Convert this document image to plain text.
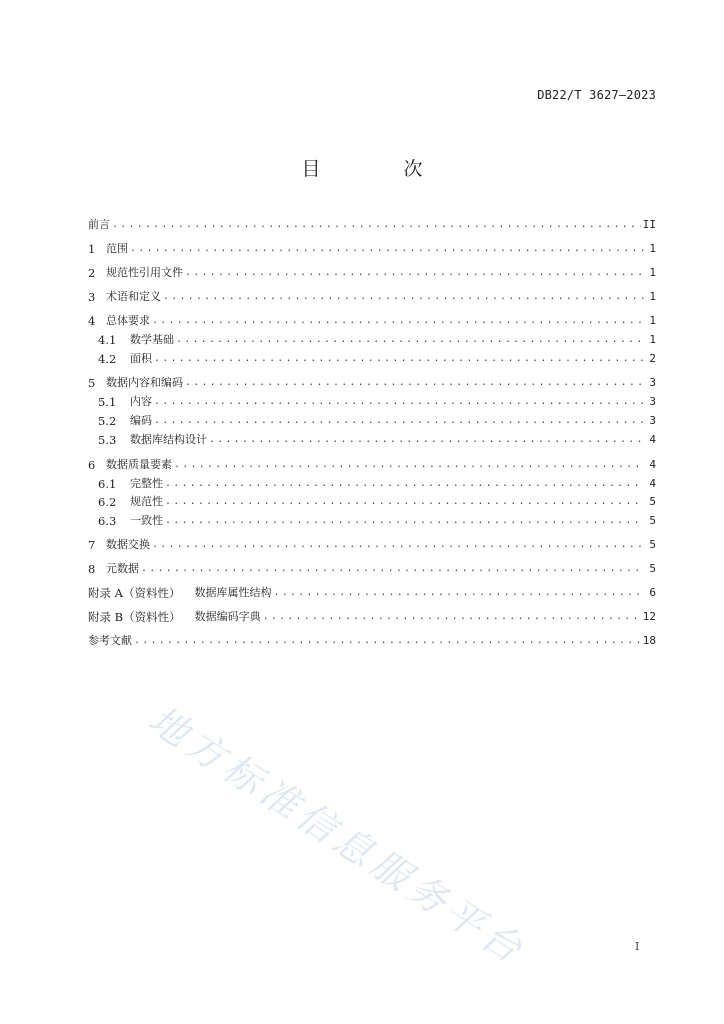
DB22/T 3627—2023
目　次
前言 .....	II
1 范围 .....	1
2 规范性引用文件 .....	1
3 术语和定义 .....	1
4 总体要求 .....	1
4.1	数学基础 .....	1
4.2	面积 .....	2
5 数据内容和编码 .....	3
5.1	内容 .....	3
5.2	编码 .....	3
5.3	数据库结构设计 .....	4
6 数据质量要素 .....	4
6.1	完整性 .....	4
6.2	规范性 .....	5
6.3	一致性 .....	5
7 数据交换 .....	5
8 元数据 .....	5
附录 A（资料性） 数据库属性结构 .....	6
附录 B（资料性） 数据编码字典 .....	12
参考文献 .....	18
地方标准信息服务平台	I
